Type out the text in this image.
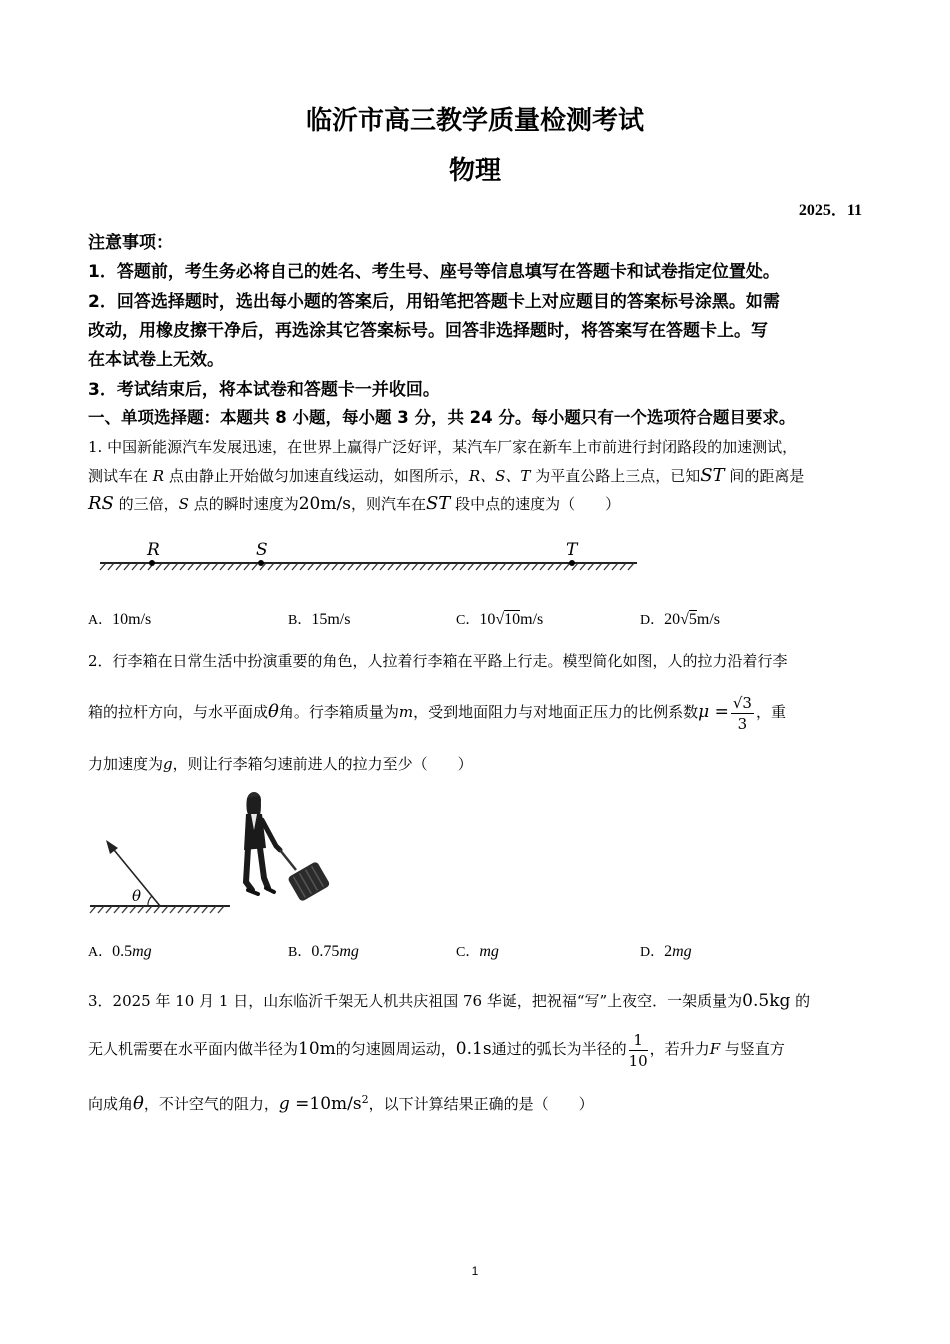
临沂市高三教学质量检测考试
物理
2025．11
注意事项：
1．答题前，考生务必将自己的姓名、考生号、座号等信息填写在答题卡和试卷指定位置处。
2．回答选择题时，选出每小题的答案后，用铅笔把答题卡上对应题目的答案标号涂黑。如需
改动，用橡皮擦干净后，再选涂其它答案标号。回答非选择题时，将答案写在答题卡上。写
在本试卷上无效。
3．考试结束后，将本试卷和答题卡一并收回。
一、单项选择题：本题共 8 小题，每小题 3 分，共 24 分。每小题只有一个选项符合题目要求。
1. 中国新能源汽车发展迅速，在世界上赢得广泛好评，某汽车厂家在新车上市前进行封闭路段的加速测试，
测试车在 R 点由静止开始做匀加速直线运动，如图所示，R、S、T 为平直公路上三点，已知ST 间的距离是
RS 的三倍，S 点的瞬时速度为20m/s，则汽车在ST 段中点的速度为（　　）
R	S	T
A．10m/s	B．15m/s	C．10√10m/s	D．20√5m/s
2．行李箱在日常生活中扮演重要的角色，人拉着行李箱在平路上行走。模型简化如图，人的拉力沿着行李
箱的拉杆方向，与水平面成θ角。行李箱质量为m，受到地面阻力与对地面正压力的比例系数$\mu = \frac{√3}{3}$ ，重
力加速度为g，则让行李箱匀速前进人的拉力至少（　　）
θ
A．0.5mg	B．0.75mg	C．mg	D．2mg
3．2025 年 10 月 1 日，山东临沂千架无人机共庆祖国 76 华诞，把祝福“写”上夜空．一架质量为0.5kg 的
无人机需要在水平面内做半径为10m的匀速圆周运动，0.1s通过的弧长为半径的 $\frac{1}{10}$ ，若升力F 与竖直方
向成角θ，不计空气的阻力，$g =10m/s^2$，以下计算结果正确的是（　　）
1
